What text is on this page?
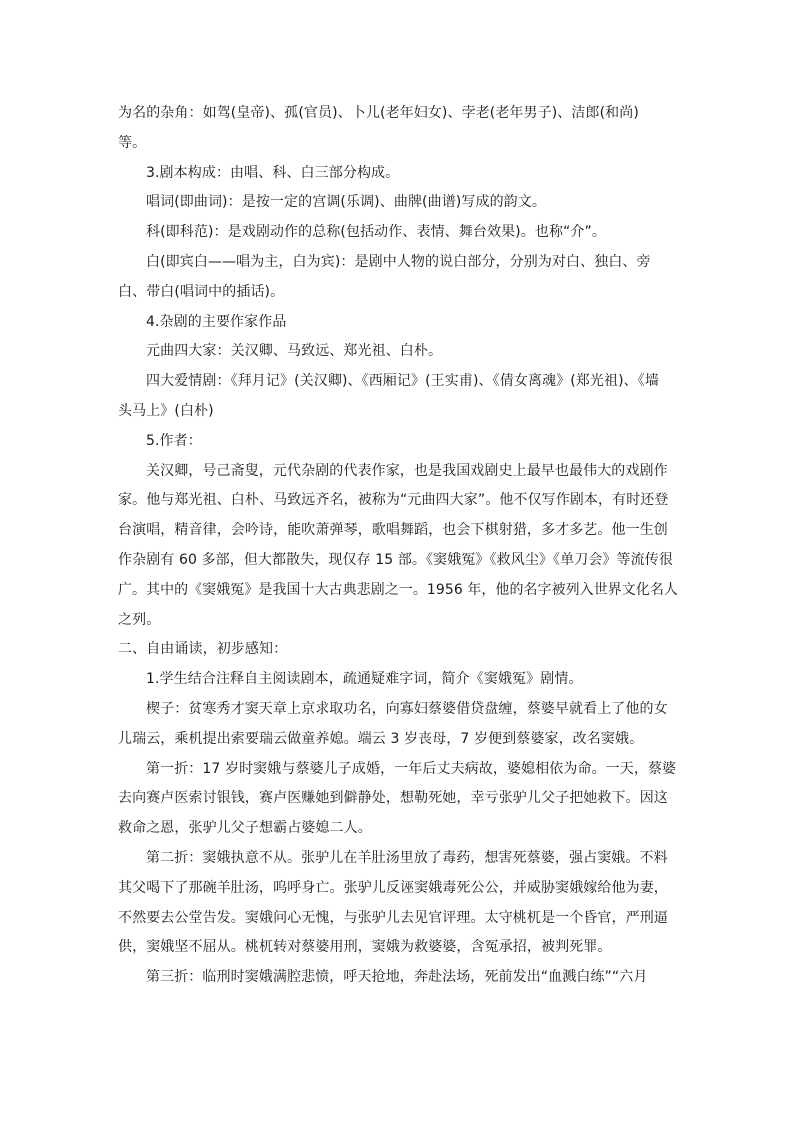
为名的杂角：如驾(皇帝)、孤(官员)、卜儿(老年妇女)、孛老(老年男子)、洁郎(和尚)
等。
3.剧本构成：由唱、科、白三部分构成。
唱词(即曲词)：是按一定的宫调(乐调)、曲牌(曲谱)写成的韵文。
科(即科范)：是戏剧动作的总称(包括动作、表情、舞台效果)。也称“介”。
白(即宾白——唱为主，白为宾)：是剧中人物的说白部分，分别为对白、独白、旁
白、带白(唱词中的插话)。
4.杂剧的主要作家作品
元曲四大家：关汉卿、马致远、郑光祖、白朴。
四大爱情剧：《拜月记》(关汉卿)、《西厢记》(王实甫)、《倩女离魂》(郑光祖)、《墙
头马上》(白朴)
5.作者：
关汉卿，号己斋叟，元代杂剧的代表作家，也是我国戏剧史上最早也最伟大的戏剧作
家。他与郑光祖、白朴、马致远齐名，被称为“元曲四大家”。他不仅写作剧本，有时还登
台演唱，精音律，会吟诗，能吹萧弹琴，歌唱舞蹈，也会下棋射猎，多才多艺。他一生创
作杂剧有 60 多部，但大都散失，现仅存 15 部。《窦娥冤》《救风尘》《单刀会》等流传很
广。其中的《窦娥冤》是我国十大古典悲剧之一。1956 年，他的名字被列入世界文化名人
之列。
二、自由诵读，初步感知：
1.学生结合注释自主阅读剧本，疏通疑难字词，简介《窦娥冤》剧情。
楔子：贫寒秀才窦天章上京求取功名，向寡妇蔡婆借贷盘缠，蔡婆早就看上了他的女
儿瑞云，乘机提出索要瑞云做童养媳。端云 3 岁丧母，7 岁便到蔡婆家，改名窦娥。
第一折：17 岁时窦娥与蔡婆儿子成婚，一年后丈夫病故，婆媳相依为命。一天，蔡婆
去向赛卢医索讨银钱，赛卢医赚她到僻静处，想勒死她，幸亏张驴儿父子把她救下。因这
救命之恩，张驴儿父子想霸占婆媳二人。
第二折：窦娥执意不从。张驴儿在羊肚汤里放了毒药，想害死蔡婆，强占窦娥。不料
其父喝下了那碗羊肚汤，呜呼身亡。张驴儿反诬窦娥毒死公公，并威胁窦娥嫁给他为妻，
不然要去公堂告发。窦娥问心无愧，与张驴儿去见官评理。太守桃杌是一个昏官，严刑逼
供，窦娥坚不屈从。桃杌转对蔡婆用刑，窦娥为救婆婆，含冤承招，被判死罪。
第三折：临刑时窦娥满腔悲愤，呼天抢地，奔赴法场，死前发出“血溅白练”“六月
